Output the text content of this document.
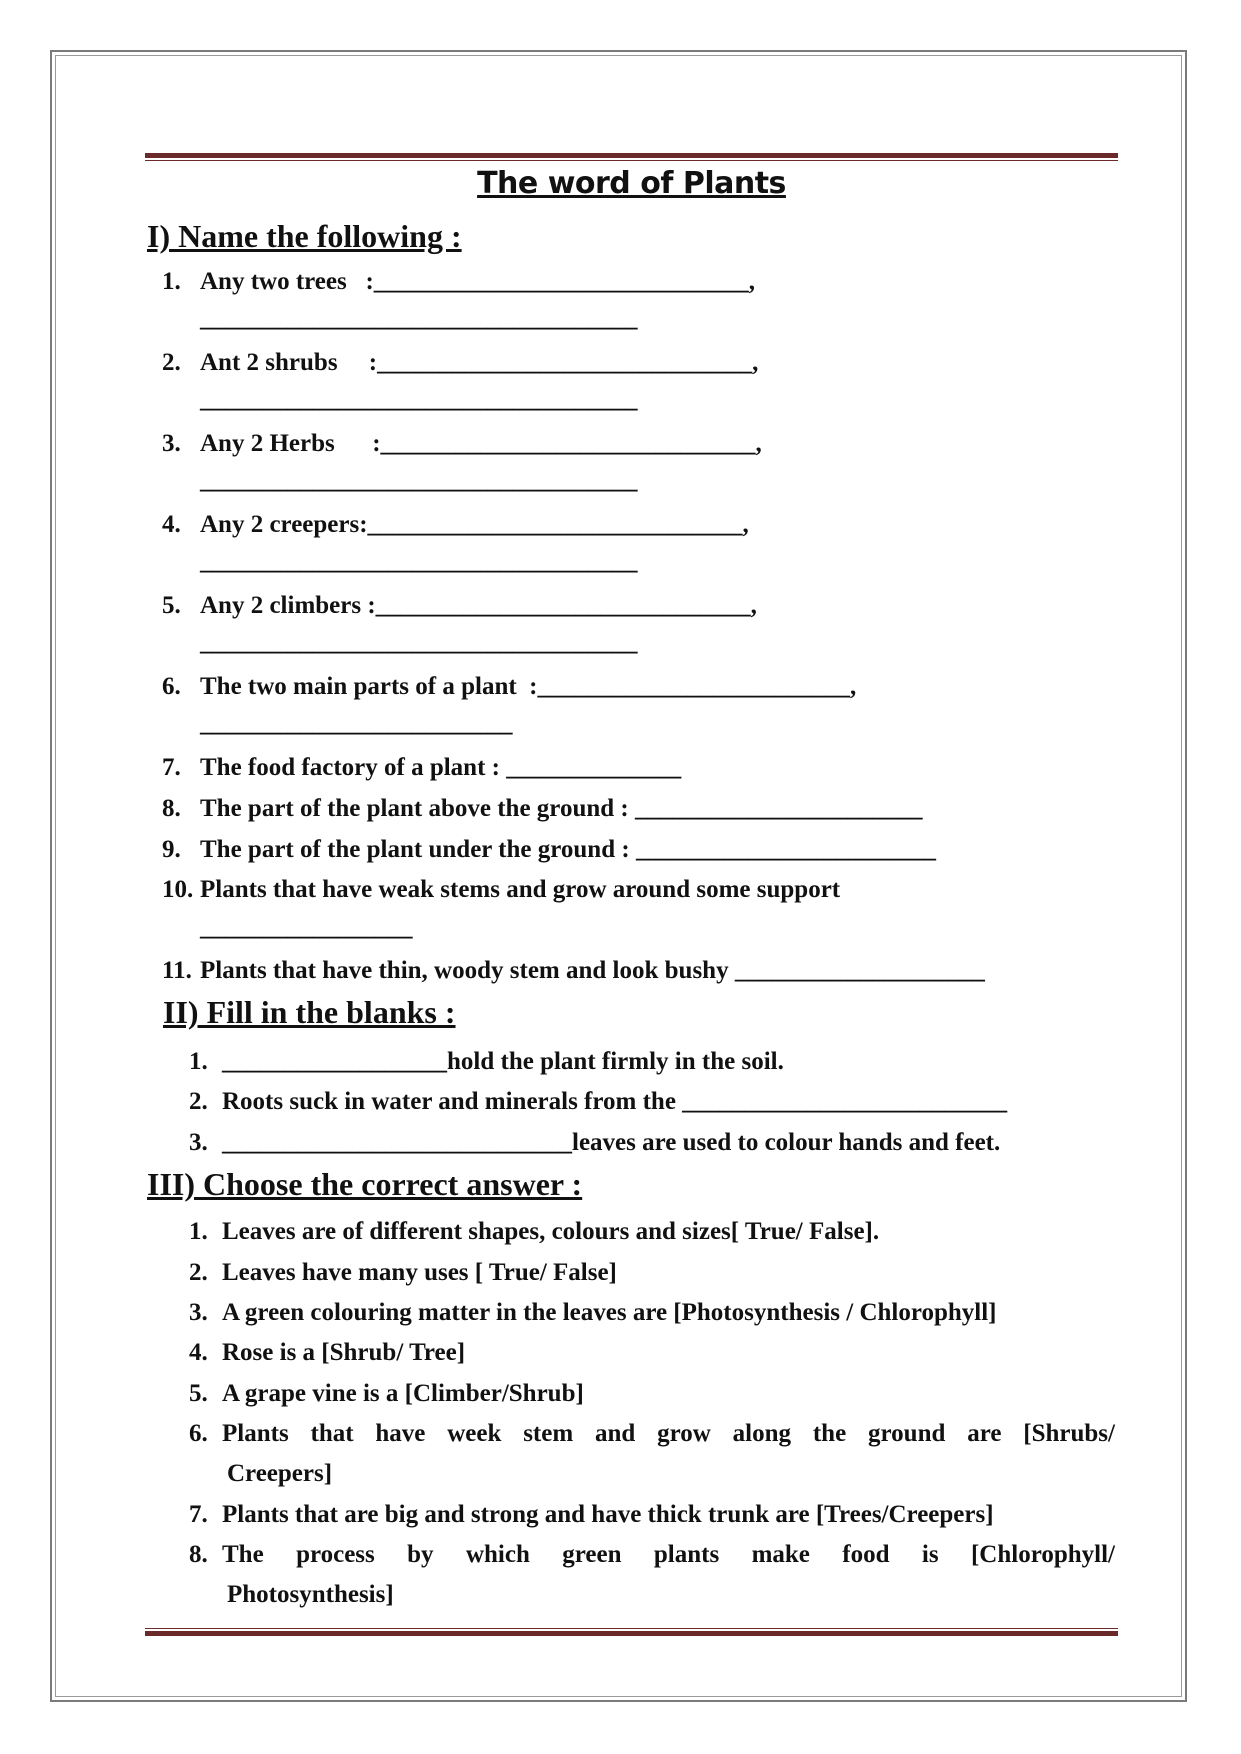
The word of Plants
I) Name the following :
1. Any two trees   :______________________________,
___________________________________
2. Ant 2 shrubs     :______________________________,
___________________________________
3. Any 2 Herbs      :______________________________,
___________________________________
4. Any 2 creepers:______________________________,
___________________________________
5. Any 2 climbers :______________________________,
___________________________________
6. The two main parts of a plant  :_________________________,
_________________________
7. The food factory of a plant : ______________
8. The part of the plant above the ground : _______________________
9. The part of the plant under the ground : ________________________
10. Plants that have weak stems and grow around some support
_________________
11. Plants that have thin, woody stem and look bushy ____________________
II) Fill in the blanks :
1. __________________hold the plant firmly in the soil.
2. Roots suck in water and minerals from the __________________________
3. ____________________________leaves are used to colour hands and feet.
III) Choose the correct answer :
1. Leaves are of different shapes, colours and sizes[ True/ False].
2. Leaves have many uses [ True/ False]
3. A green colouring matter in the leaves are [Photosynthesis / Chlorophyll]
4. Rose is a [Shrub/ Tree]
5. A grape vine is a [Climber/Shrub]
6. Plants that have week stem and grow along the ground are [Shrubs/
Creepers]
7. Plants that are big and strong and have thick trunk are [Trees/Creepers]
8. The process by which green plants make food is [Chlorophyll/
Photosynthesis]
